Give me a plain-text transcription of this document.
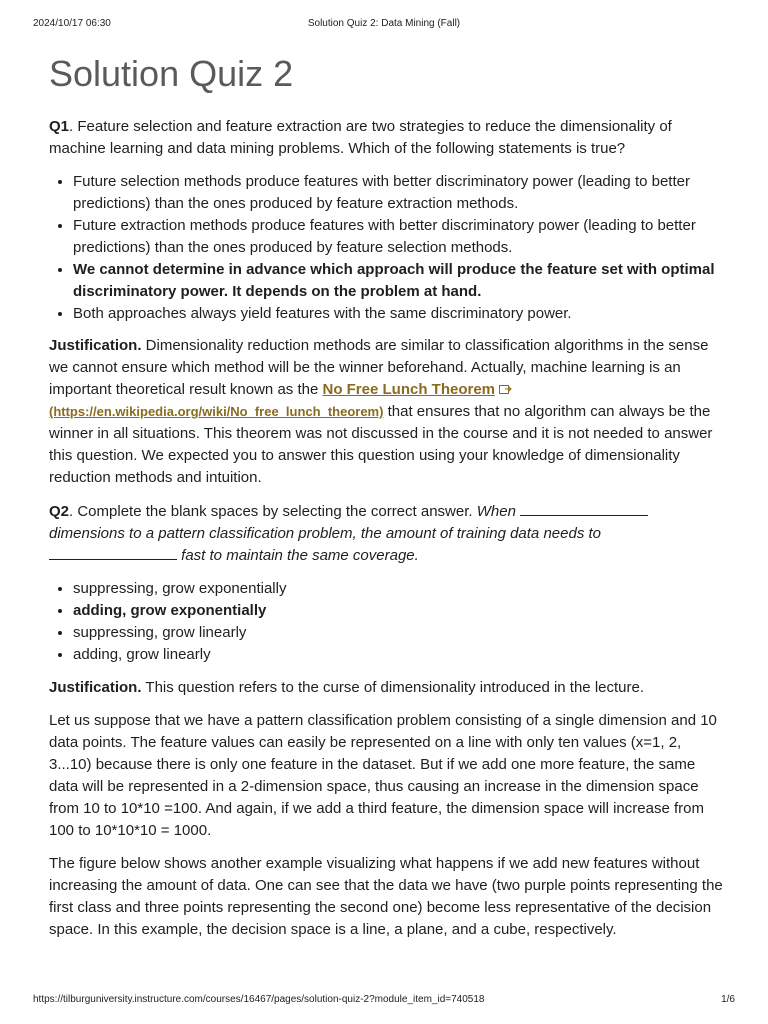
2024/10/17 06:30	Solution Quiz 2: Data Mining (Fall)
Solution Quiz 2

Q1. Feature selection and feature extraction are two strategies to reduce the dimensionality of machine learning and data mining problems. Which of the following statements is true?

• Future selection methods produce features with better discriminatory power (leading to better predictions) than the ones produced by feature extraction methods.
• Future extraction methods produce features with better discriminatory power (leading to better predictions) than the ones produced by feature selection methods.
• We cannot determine in advance which approach will produce the feature set with optimal discriminatory power. It depends on the problem at hand.
• Both approaches always yield features with the same discriminatory power.

Justification. Dimensionality reduction methods are similar to classification algorithms in the sense we cannot ensure which method will be the winner beforehand. Actually, machine learning is an important theoretical result known as the No Free Lunch Theorem
(https://en.wikipedia.org/wiki/No_free_lunch_theorem) that ensures that no algorithm can always be the winner in all situations. This theorem was not discussed in the course and it is not needed to answer this question. We expected you to answer this question using your knowledge of dimensionality reduction methods and intuition.

Q2. Complete the blank spaces by selecting the correct answer. When
dimensions to a pattern classification problem, the amount of training data needs to
fast to maintain the same coverage.

• suppressing, grow exponentially
• adding, grow exponentially
• suppressing, grow linearly
• adding, grow linearly

Justification. This question refers to the curse of dimensionality introduced in the lecture.

Let us suppose that we have a pattern classification problem consisting of a single dimension and 10 data points. The feature values can easily be represented on a line with only ten values (x=1, 2, 3...10) because there is only one feature in the dataset. But if we add one more feature, the same data will be represented in a 2-dimension space, thus causing an increase in the dimension space from 10 to 10*10 =100. And again, if we add a third feature, the dimension space will increase from 100 to 10*10*10 = 1000.

The figure below shows another example visualizing what happens if we add new features without increasing the amount of data. One can see that the data we have (two purple points representing the first class and three points representing the second one) become less representative of the decision space. In this example, the decision space is a line, a plane, and a cube, respectively.

https://tilburguniversity.instructure.com/courses/16467/pages/solution-quiz-2?module_item_id=740518	1/6
